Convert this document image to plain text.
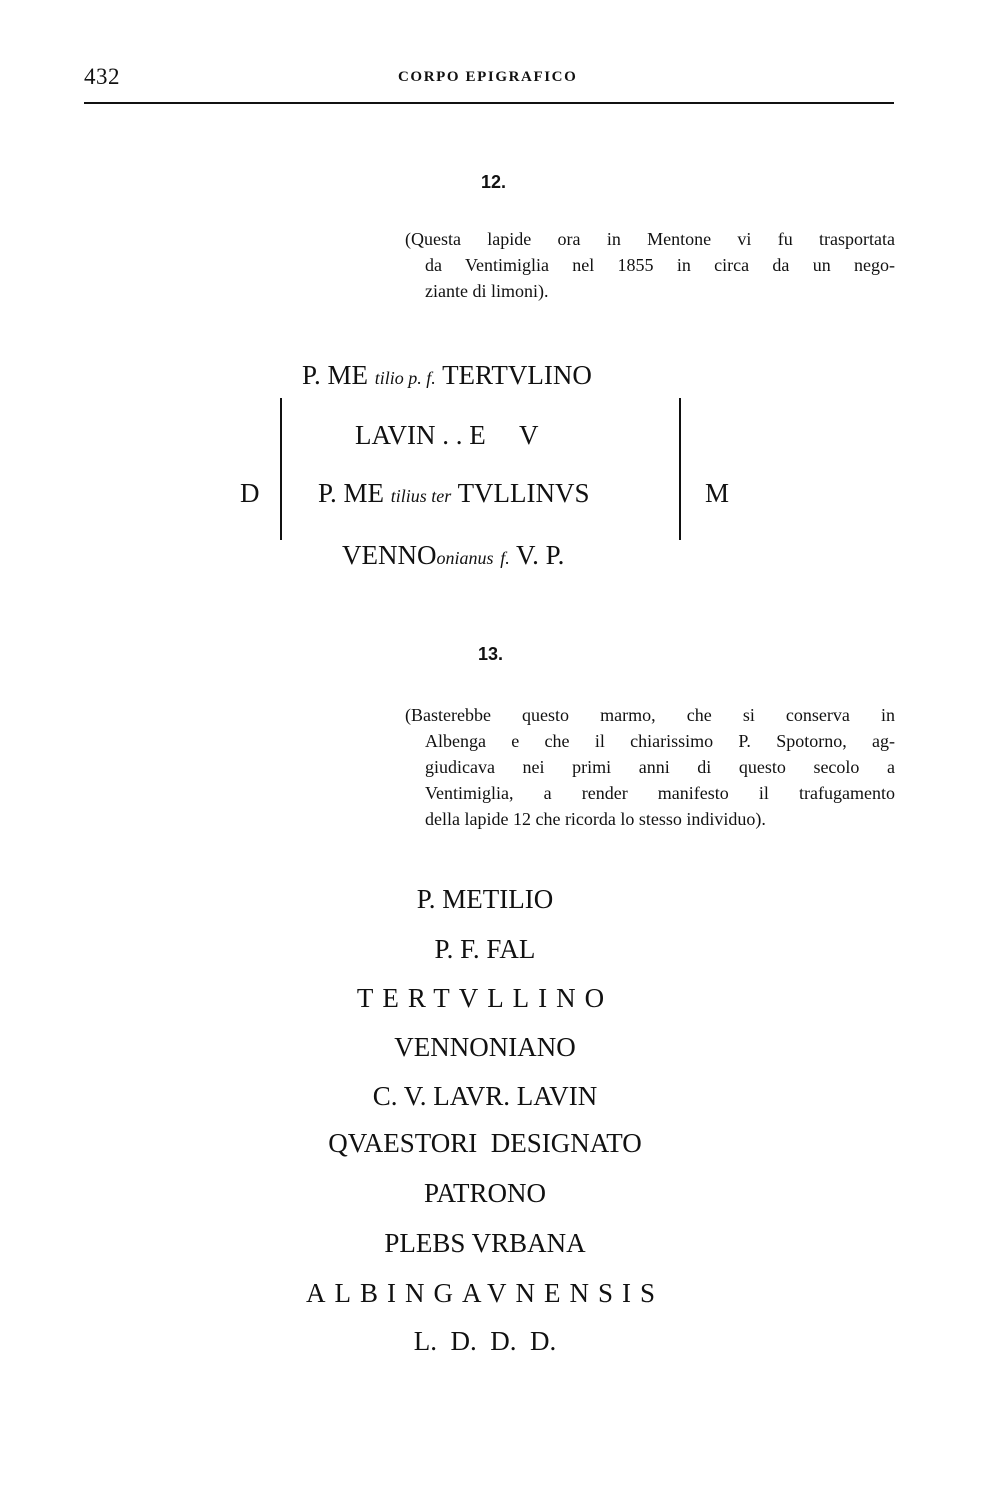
432	CORPO EPIGRAFICO
12.
(Questa lapide ora in Mentone vi fu trasportata
da Ventimiglia nel 1855 in circa da un nego-
ziante di limoni).
P. ME tilio p. f. TERTVLINO
LAVIN . . E     V
P. ME tilius ter TVLLINVS
VENNOonianus f. V. P.
D	M
13.
(Basterebbe questo marmo, che si conserva in
Albenga e che il chiarissimo P. Spotorno, ag-
giudicava nei primi anni di questo secolo a
Ventimiglia, a render manifesto il trafugamento
della lapide 12 che ricorda lo stesso individuo).
P. METILIO
P. F. FAL
TERTVLLINO
VENNONIANO
C. V. LAVR. LAVIN
QVAESTORI  DESIGNATO
PATRONO
PLEBS VRBANA
ALBINGAVNENSIS
L.  D.  D.  D.
